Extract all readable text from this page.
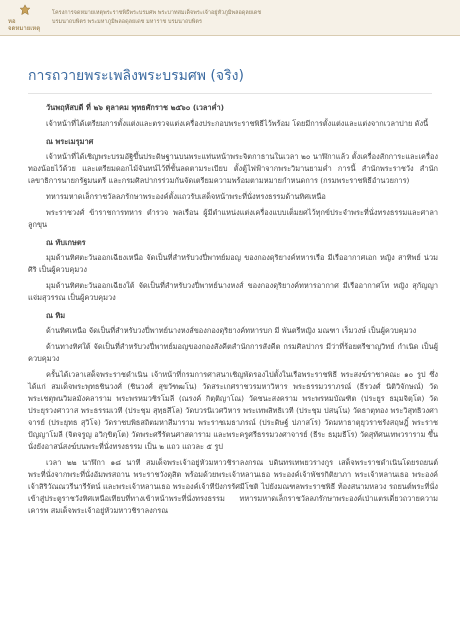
หอจดหมายเหตุ
โครงการจดหมายเหตุพระราชพิธีพระบรมศพ พระบาทสมเด็จพระเจ้าอยู่หัวภูมิพลอดุลยเดช
บรมนาถบพิตร พระมหาภูมิพลอดุลยเดช มหาราช บรมนาถบพิตร
การถวายพระเพลิงพระบรมศพ (จริง)

วันพฤหัสบดี ที่ ๒๖ ตุลาคม พุทธศักราช ๒๕๖๐ (เวลาค่ำ)

เจ้าหน้าที่ได้เตรียมการตั้งแต่งและตรวจแต่งเครื่องประกอบพระราชพิธีไว้พร้อม โดยมีการตั้งแต่งและแต่งจากเวลาบ่าย ดังนี้

ณ พระเมรุมาศ

เจ้าหน้าที่ได้เชิญพระบรมอัฐิขึ้นประดิษฐานบนพระแท่นหน้าพระจิตกาธานในเวลา ๒๐ นาฬิกาแล้ว ตั้งเครื่องสักการะและเครื่องทองน้อยไว้ด้วย และเตรียมดอกไม้จันทน์ไว้ที่ชั้นลดตามระเบียบ ตั้งตู้ไฟฟ้าจากพระวิมานยามค่ำ การนี้ สำนักพระราชวัง สำนักเลขาธิการนายกรัฐมนตรี และกรมศิลปากรร่วมกันจัดเตรียมความพร้อมตามหมายกำหนดการ (กรมพระราชพิธีอำนวยการ)

ทหารมหาดเล็กราชวัลลภรักษาพระองค์ตั้งแถวรับเสด็จหน้าพระที่นั่งทรงธรรมด้านทิศเหนือ

พระราชวงศ์ ข้าราชการทหาร ตำรวจ พลเรือน ผู้มีตำแหน่งแต่งเครื่องแบบเต็มยศไว้ทุกข์ประจำพระที่นั่งทรงธรรมและศาลาลูกขุน

ณ ทับเกษตร

มุมด้านทิศตะวันออกเฉียงเหนือ จัดเป็นที่สำหรับวงปี่พาทย์มอญ ของกองดุริยางค์ทหารเรือ มีเรืออากาศเอก หญิง สาทิพย์ น่วมศิริ เป็นผู้ควบคุมวง

มุมด้านทิศตะวันออกเฉียงใต้ จัดเป็นที่สำหรับวงปี่พาทย์นางหงส์ ของกองดุริยางค์ทหารอากาศ มีเรืออากาศโท หญิง สุกัญญา แจ่มสุวรรณ เป็นผู้ควบคุมวง

ณ ทิม

ด้านทิศเหนือ จัดเป็นที่สำหรับวงปี่พาทย์นางหงส์ของกองดุริยางค์ทหารบก มี พันตรีหญิง มณฑา เร็มวงษ์ เป็นผู้ควบคุมวง

ด้านทางทิศใต้ จัดเป็นที่สำหรับวงปี่พาทย์มอญของกองสังคีตสำนักการสังคีต กรมศิลปากร มีว่าที่ร้อยตรีชาญวิทย์ กำเนิด เป็นผู้ควบคุมวง

ครั้นได้เวลาเสด็จพระราชดำเนิน เจ้าหน้าที่กรมการศาสนาเชิญพัดรองไปตั้งในเรือพระราชพิธี พระสงฆ์ราชาคณะ ๑๐ รูป ซึ่งได้แก่ สมเด็จพระพุทธชินวงศ์ (ชินวงศ์ สุขวัฑฒโน) วัดสระเกศราชวรมหาวิหาร พระธรรมวราภรณ์ (ธีรวงศ์ นิติวิจักษณ์) วัดพระเชตุพนวิมลมังคลาราม พระพรหมวชิรโมลี (ณรงค์ กิตฺติญาโณ) วัดชนะสงคราม พระพรหมบัณฑิต (ประยูร ธมฺมจิตฺโต) วัดประยุรวงศาวาส พระธรรมเวที (ประชุม สุทฺธสีโล) วัดบวรนิเวศวิหาร พระเทพสิทธิเวที (ประชุม ปสนฺโน) วัดธาตุทอง พระวิสุทธิวงศาจารย์ (ประยุทธ สุวิโจ) วัดราชบพิธสถิตมหาสีมาราม พระราชเมธาภรณ์ (ประดิษฐ์ ปภาสโร) วัดมหาธาตุยุวราชรังสฤษฎิ์ พระราชปัญญาโมลี (จิตจรูญ อวิกฺขิตฺโต) วัดพระศรีรัตนศาสดาราม และพระครูศรีธรรมวงศาจารย์ (ธีระ ธมฺมธีโร) วัดสุทัศนเทพวราราม ขึ้นนั่งยังอาสน์สงฆ์บนพระที่นั่งทรงธรรม เป็น ๒ แถว แถวละ ๕ รูป

เวลา ๒๒ นาฬิกา ๑๘ นาที สมเด็จพระเจ้าอยู่หัวมหาวชิราลงกรณ บดินทรเทพยวรางกูร เสด็จพระราชดำเนินโดยรถยนต์พระที่นั่งจากพระที่นั่งอัมพรสถาน พระราชวังดุสิต พร้อมด้วยพระเจ้าหลานเธอ พระองค์เจ้าพัชรกิติยาภา พระเจ้าหลานเธอ พระองค์เจ้าสิริวัณณวรีนารีรัตน์ และพระเจ้าหลานเธอ พระองค์เจ้าทีปังกรรัศมีโชติ ไปยังมณฑลพระราชพิธี ท้องสนามหลวง รถยนต์พระที่นั่งเข้าสู่ประตูราชวังทิศเหนือเทียบที่ทางเข้าหน้าพระที่นั่งทรงธรรม ทหารมหาดเล็กราชวัลลภรักษาพระองค์เป่าแตรเดี่ยวถวายความเคารพ สมเด็จพระเจ้าอยู่หัวมหาวชิราลงกรณ
